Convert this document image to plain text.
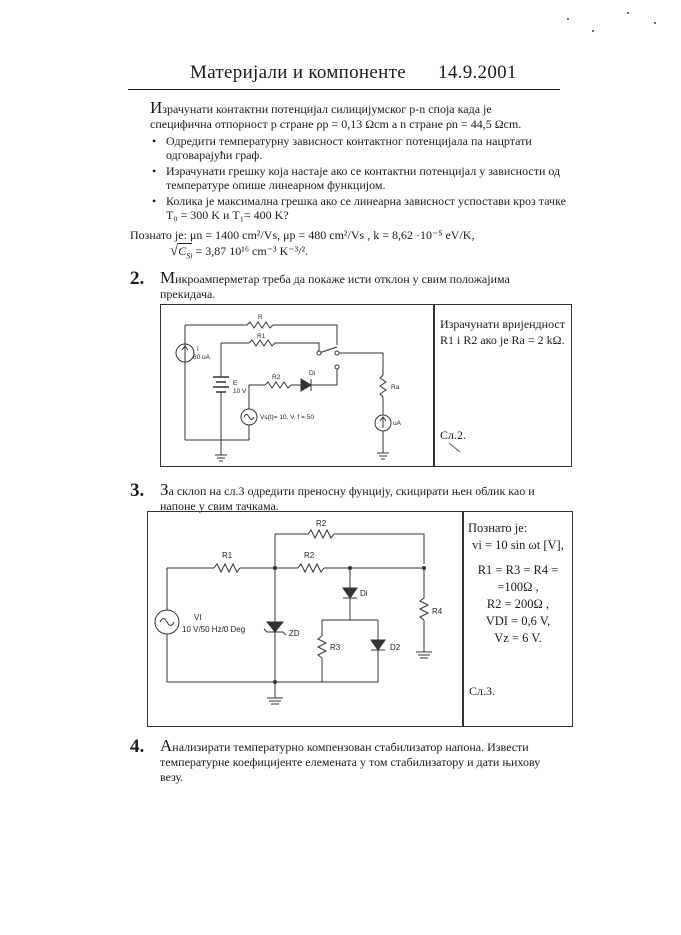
Материјали и компоненте 14.9.2001
Израчунати контактни потенцијал силицијумског p-n споја када је
специфична отпорност p стране ρp = 0,13 Ωcm а n стране ρn = 44,5 Ωcm.
• Одредити температурну зависност контактног потенцијала па нацртати одговарајући граф.
• Израчунати грешку која настаје ако се контактни потенцијал у зависности од температуре опише линеарном функцијом.
• Колика је максимална грешка ако се линеарна зависност успостави кроз тачке T₀ = 300 K и T₁= 400 K?
Познато је: μn = 1400 cm²/Vs, μp = 480 cm²/Vs , k = 8,62 ·10⁻⁵ eV/K,
$√C_{Si} = 3,87$ 10¹⁶ cm⁻³ K⁻³/².
2. Микроамперметар треба да покаже исти отклон у свим положајима
прекидача.
Израчунати вријендност
R1 i R2 ако је Ra = 2 kΩ.
Сл.2.
R
R1
R2
Di
Ra
I
60 uA
E
10 V
Vs(t)= 10, V, f = 50
uA
3. За склоп на сл.3 одредити преносну фунцију, скицирати њен облик као и
напоне у свим тачкама.
Познато је:
vi = 10 sin ωt [V],
R1 = R3 = R4 =
=100Ω ,
R2 = 200Ω ,
VDI = 0,6 V,
Vz = 6 V.
Сл.3.
R1
R2
R2
R3
R4
Di
D2
ZD
VI
10 V/50 Hz/0 Deg
4. Анализирати температурно компензован стабилизатор напона. Извести
температурне коефицијенте елемената у том стабилизатору и дати њихову
везу.
